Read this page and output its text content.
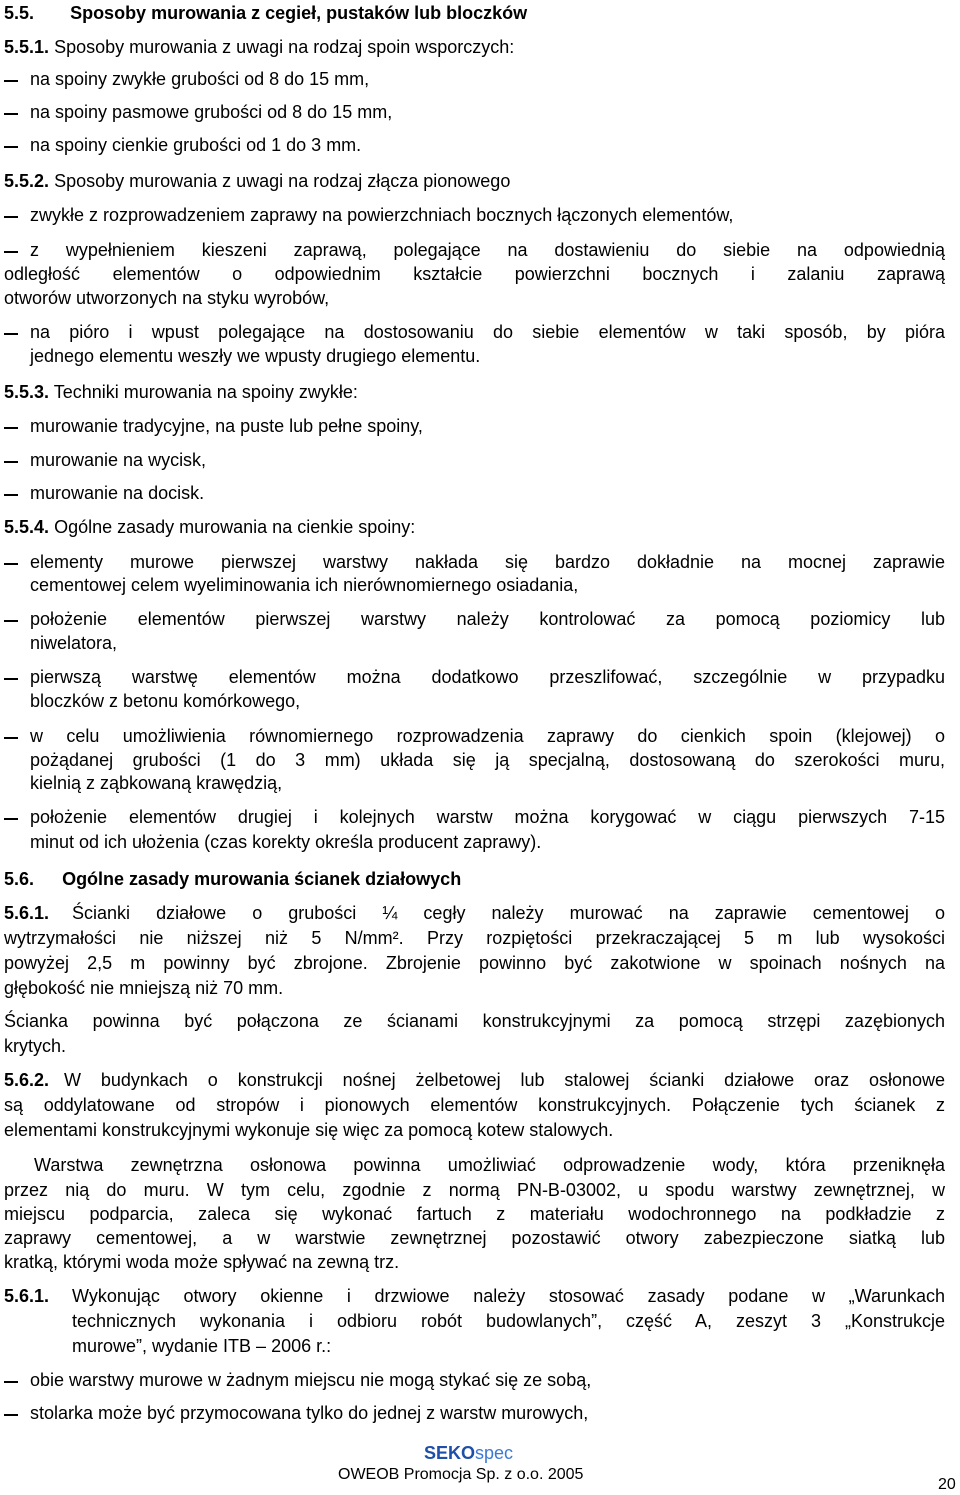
5.5. Sposoby murowania z cegieł, pustaków lub bloczków
5.5.1. Sposoby murowania z uwagi na rodzaj spoin wsporczych:
na spoiny zwykłe grubości od 8 do 15 mm,
na spoiny pasmowe grubości od 8 do 15 mm,
na spoiny cienkie grubości od 1 do 3 mm.
5.5.2. Sposoby murowania z uwagi na rodzaj złącza pionowego
zwykłe z rozprowadzeniem zaprawy na powierzchniach bocznych łączonych elementów,
z wypełnieniem kieszeni zaprawą, polegające na dostawieniu do siebie na odpowiednią
odległość elementów o odpowiednim kształcie powierzchni bocznych i zalaniu zaprawą
otworów utworzonych na styku wyrobów,
na pióro i wpust polegające na dostosowaniu do siebie elementów w taki sposób, by pióra
jednego elementu weszły we wpusty drugiego elementu.
5.5.3. Techniki murowania na spoiny zwykłe:
murowanie tradycyjne, na puste lub pełne spoiny,
murowanie na wycisk,
murowanie na docisk.
5.5.4. Ogólne zasady murowania na cienkie spoiny:
elementy murowe pierwszej warstwy nakłada się bardzo dokładnie na mocnej zaprawie
cementowej celem wyeliminowania ich nierównomiernego osiadania,
położenie elementów pierwszej warstwy należy kontrolować za pomocą poziomicy lub
niwelatora,
pierwszą warstwę elementów można dodatkowo przeszlifować, szczególnie w przypadku
bloczków z betonu komórkowego,
w celu umożliwienia równomiernego rozprowadzenia zaprawy do cienkich spoin (klejowej) o
pożądanej grubości (1 do 3 mm) układa się ją specjalną, dostosowaną do szerokości muru,
kielnią z ząbkowaną krawędzią,
położenie elementów drugiej i kolejnych warstw można korygować w ciągu pierwszych 7-15
minut od ich ułożenia (czas korekty określa producent zaprawy).
5.6. Ogólne zasady murowania ścianek działowych
5.6.1. Ścianki działowe o grubości ¼ cegły należy murować na zaprawie cementowej o
wytrzymałości nie niższej niż 5 N/mm². Przy rozpiętości przekraczającej 5 m lub wysokości
powyżej 2,5 m powinny być zbrojone. Zbrojenie powinno być zakotwione w spoinach nośnych na
głębokość nie mniejszą niż 70 mm.
Ścianka powinna być połączona ze ścianami konstrukcyjnymi za pomocą strzępi zazębionych
krytych.
5.6.2. W budynkach o konstrukcji nośnej żelbetowej lub stalowej ścianki działowe oraz osłonowe
są oddylatowane od stropów i pionowych elementów konstrukcyjnych. Połączenie tych ścianek z
elementami konstrukcyjnymi wykonuje się więc za pomocą kotew stalowych.
Warstwa zewnętrzna osłonowa powinna umożliwiać odprowadzenie wody, która przeniknęła
przez nią do muru. W tym celu, zgodnie z normą PN-B-03002, u spodu warstwy zewnętrznej, w
miejscu podparcia, zaleca się wykonać fartuch z materiału wodochronnego na podkładzie z
zaprawy cementowej, a w warstwie zewnętrznej pozostawić otwory zabezpieczone siatką lub
kratką, którymi woda może spływać na zewną trz.
5.6.1. Wykonując otwory okienne i drzwiowe należy stosować zasady podane w „Warunkach
technicznych wykonania i odbioru robót budowlanych”, część A, zeszyt 3 „Konstrukcje
murowe”, wydanie ITB – 2006 r.:
obie warstwy murowe w żadnym miejscu nie mogą stykać się ze sobą,
stolarka może być przymocowana tylko do jednej z warstw murowych,
SEKOspec
OWEOB Promocja Sp. z o.o. 2005
20
